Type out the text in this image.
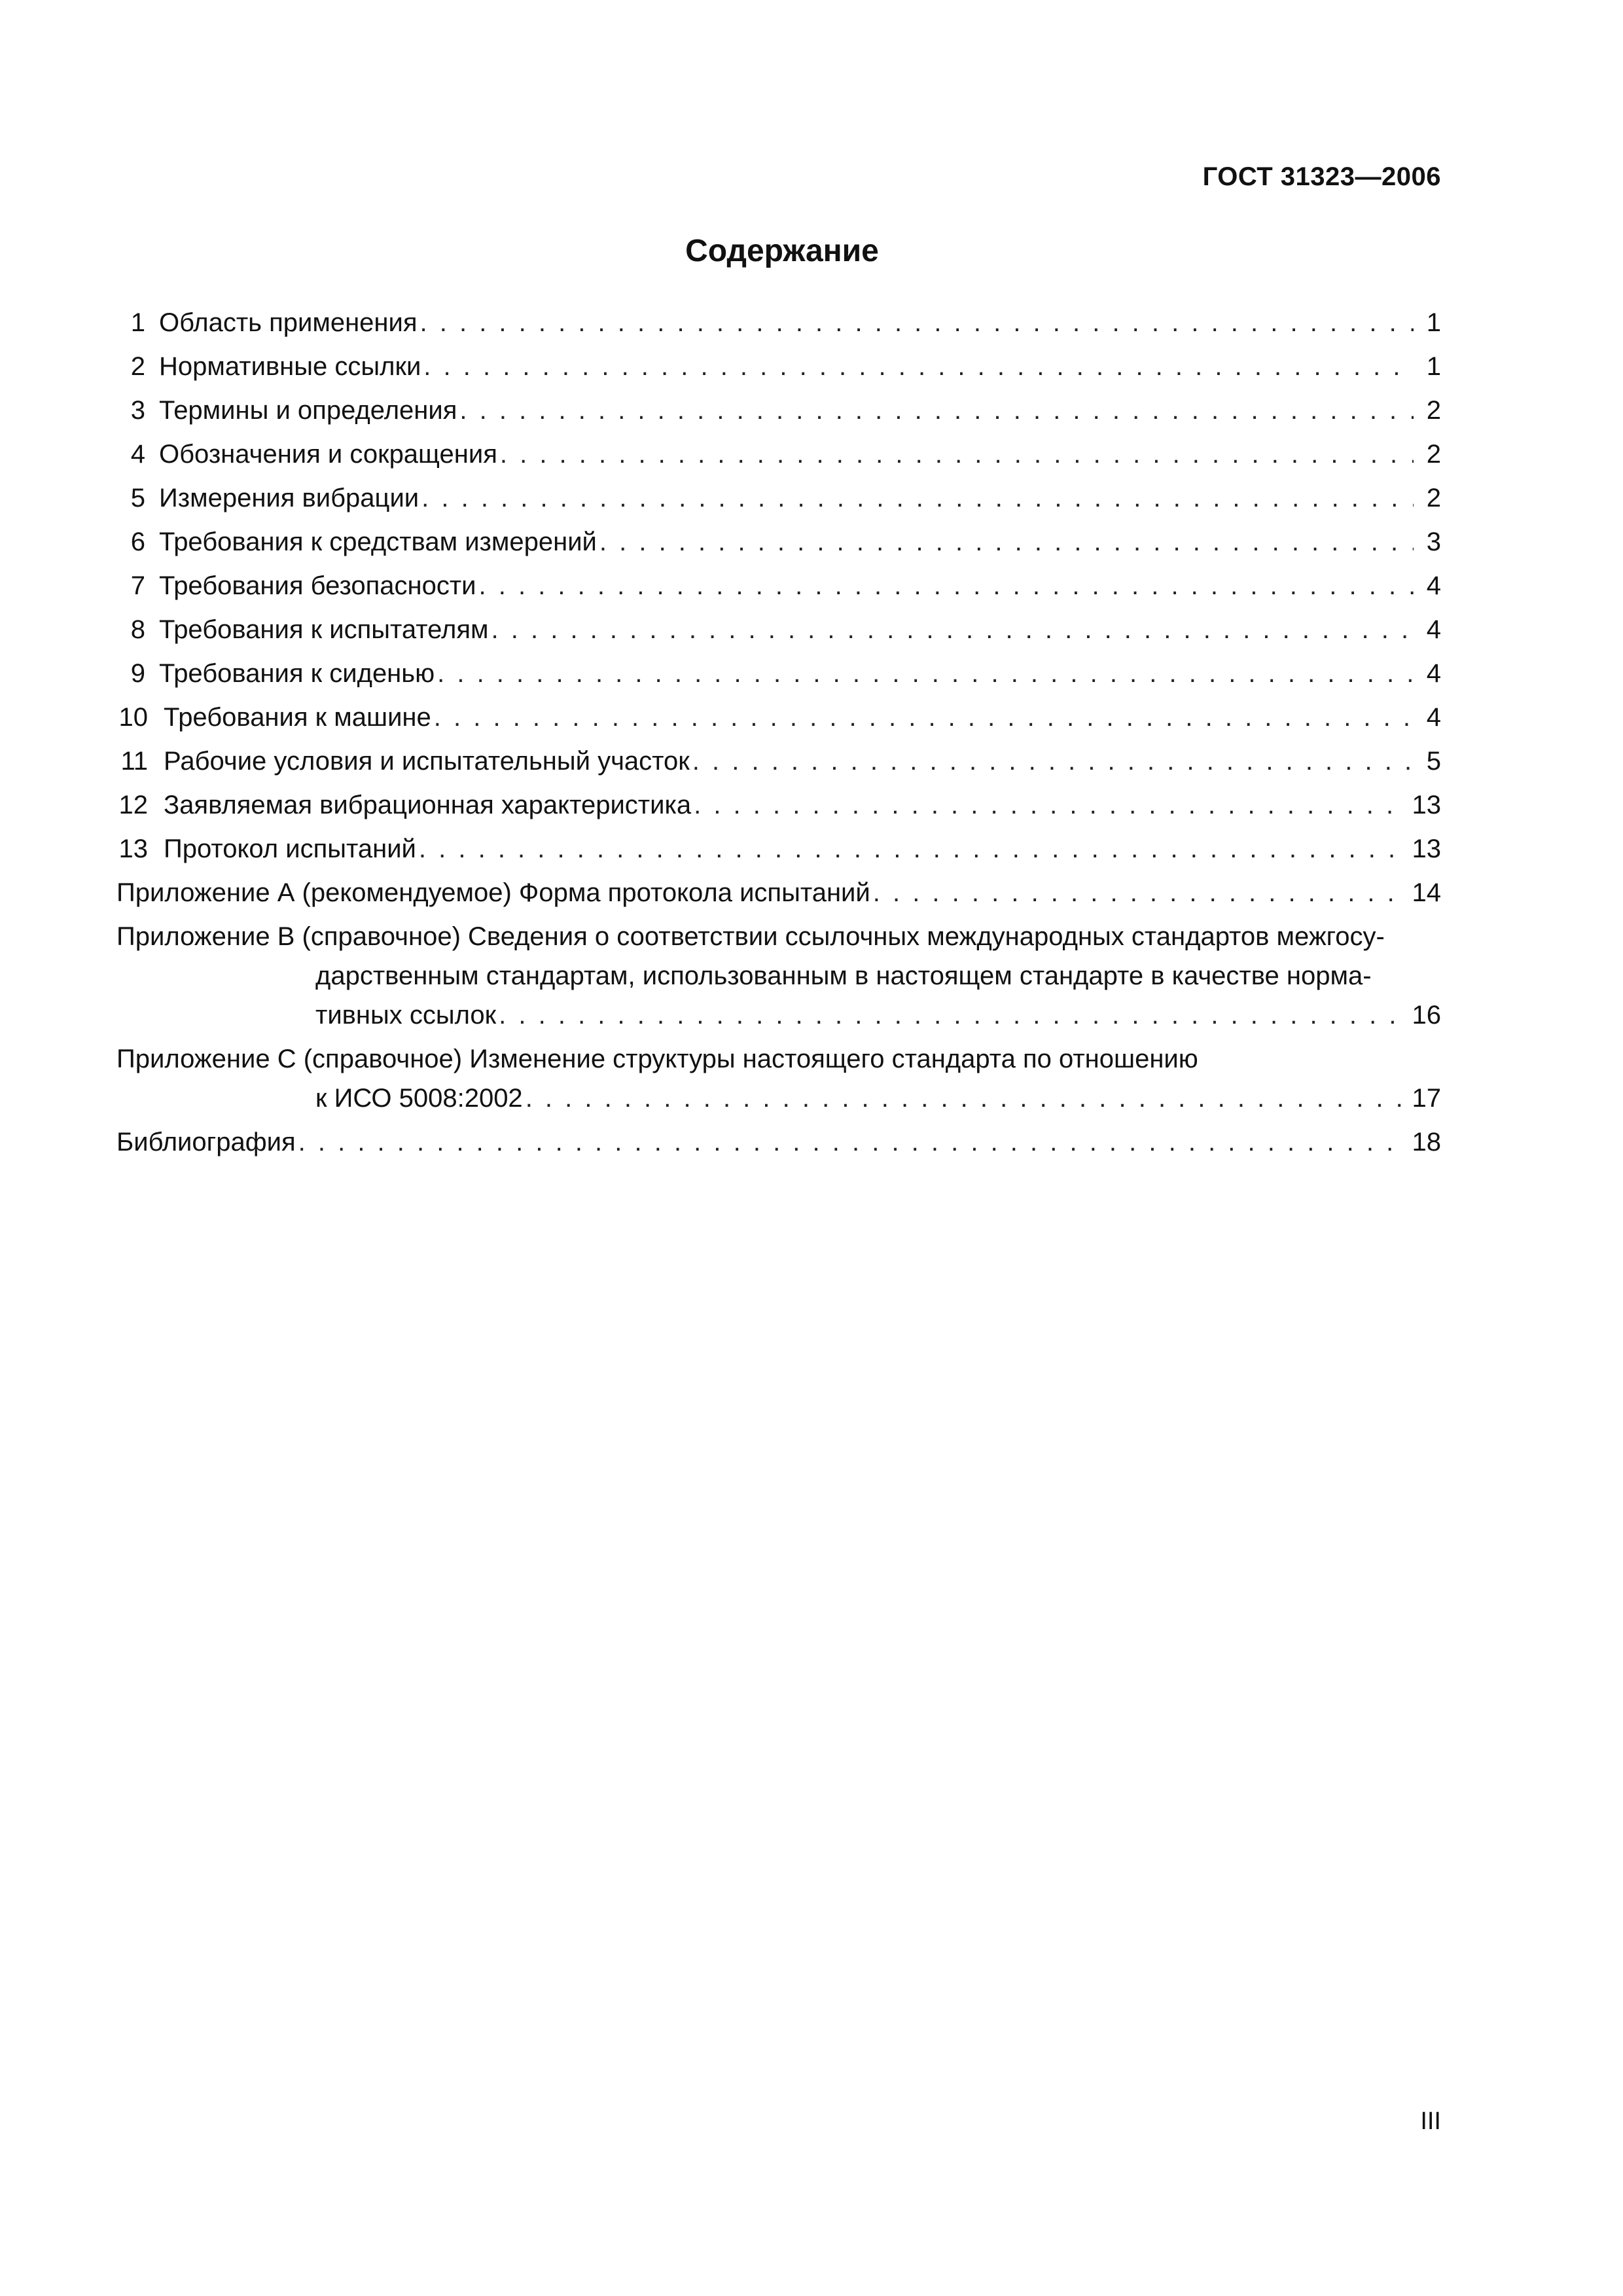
ГОСТ 31323—2006
Содержание
1 Область применения . . .	1
2 Нормативные ссылки . . .	1
3 Термины и определения . . .	2
4 Обозначения и сокращения . . .	2
5 Измерения вибрации . . .	2
6 Требования к средствам измерений . . .	3
7 Требования безопасности . . .	4
8 Требования к испытателям . . .	4
9 Требования к сиденью . . .	4
10 Требования к машине . . .	4
11 Рабочие условия и испытательный участок . . .	5
12 Заявляемая вибрационная характеристика . . .	13
13 Протокол испытаний . . .	13
Приложение А (рекомендуемое) Форма протокола испытаний . . .	14
Приложение В (справочное) Сведения о соответствии ссылочных международных стандартов межгосу-
дарственным стандартам, использованным в настоящем стандарте в качестве норма-
тивных ссылок . . .	16
Приложение С (справочное) Изменение структуры настоящего стандарта по отношению
к ИСО 5008:2002 . . .	17
Библиография . . .	18
III
